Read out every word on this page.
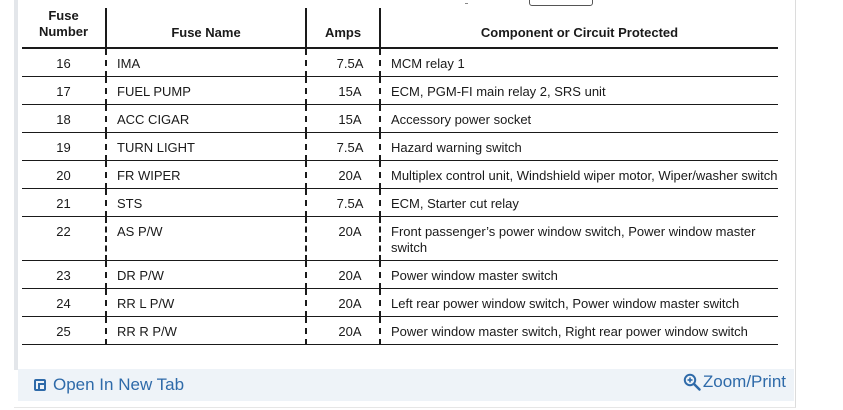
Fuse Number	Fuse Name	Amps	Component or Circuit Protected
16	IMA	7.5A	MCM relay 1
17	FUEL PUMP	15A	ECM, PGM-FI main relay 2, SRS unit
18	ACC CIGAR	15A	Accessory power socket
19	TURN LIGHT	7.5A	Hazard warning switch
20	FR WIPER	20A	Multiplex control unit, Windshield wiper motor, Wiper/washer switch
21	STS	7.5A	ECM, Starter cut relay
22	AS P/W	20A	Front passenger’s power window switch, Power window master switch
23	DR P/W	20A	Power window master switch
24	RR L P/W	20A	Left rear power window switch, Power window master switch
25	RR R P/W	20A	Power window master switch, Right rear power window switch
Open In New Tab	Zoom/Print
